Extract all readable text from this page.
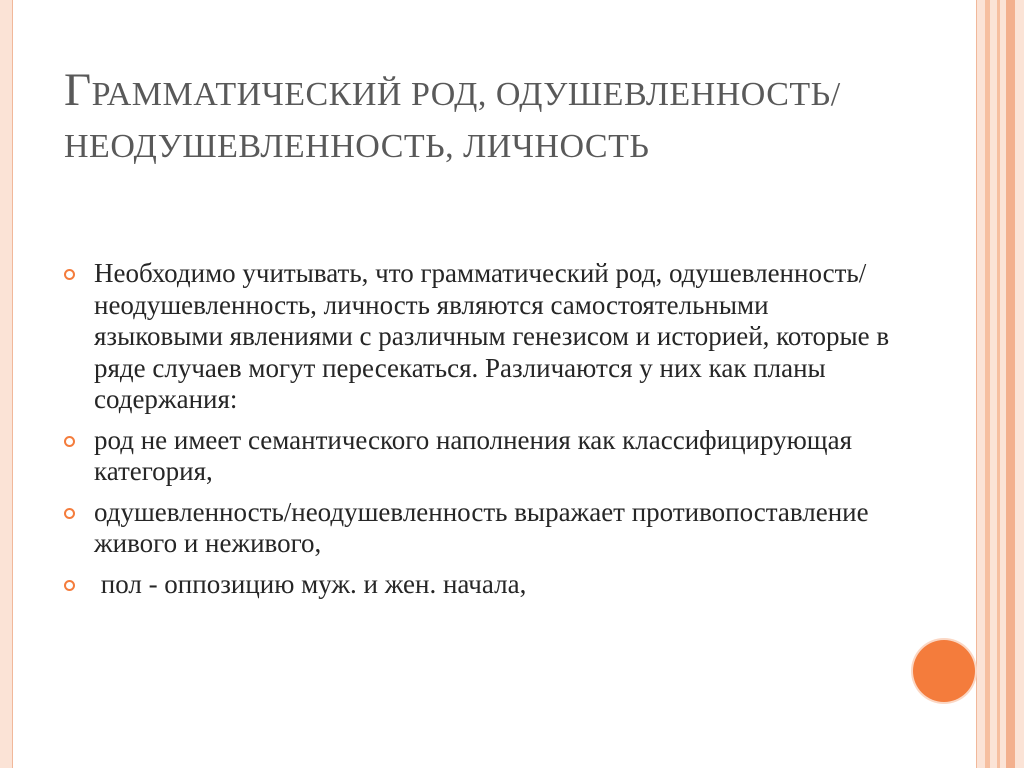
ГРАММАТИЧЕСКИЙ РОД, ОДУШЕВЛЕННОСТЬ/ НЕОДУШЕВЛЕННОСТЬ, ЛИЧНОСТЬ
Необходимо учитывать, что грамматический род, одушевленность/неодушевленность, личность являются самостоятельными языковыми явлениями с различным генезисом и историей, которые в ряде случаев могут пересекаться. Различаются у них как планы содержания:
род не имеет семантического наполнения как классифицирующая категория,
одушевленность/неодушевленность выражает противопоставление живого и неживого,
пол - оппозицию муж. и жен. начала,
